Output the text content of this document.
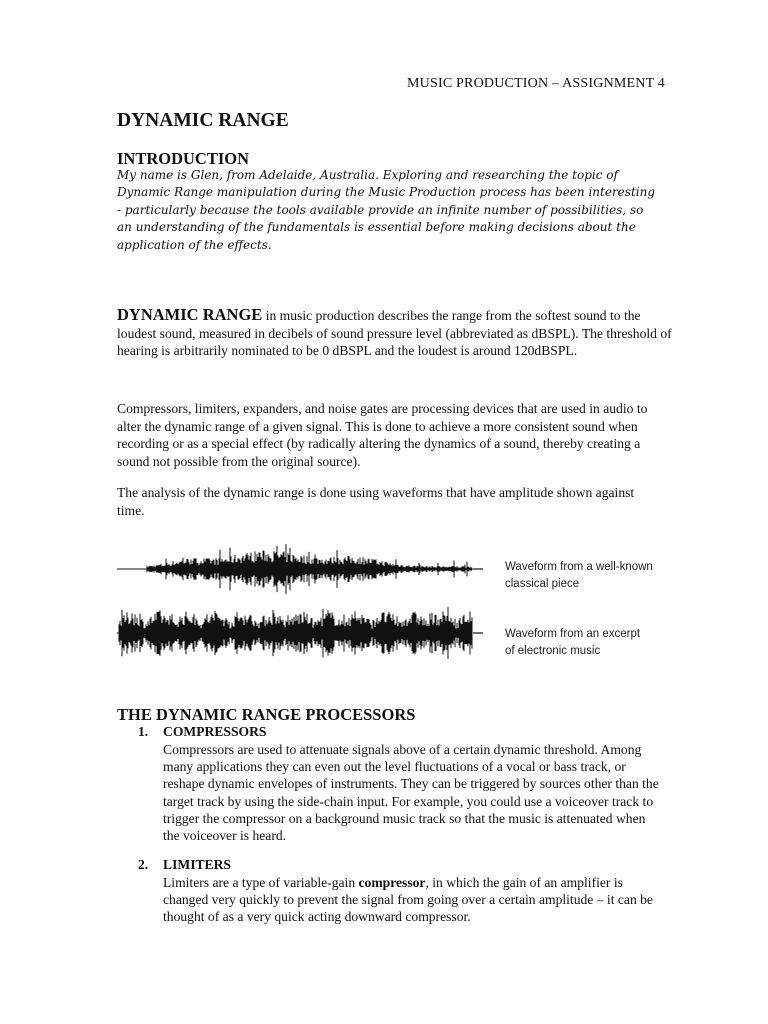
MUSIC PRODUCTION – ASSIGNMENT 4
DYNAMIC RANGE
INTRODUCTION

My name is Glen, from Adelaide, Australia. Exploring and researching the topic of Dynamic Range manipulation during the Music Production process has been interesting - particularly because the tools available provide an infinite number of possibilities, so an understanding of the fundamentals is essential before making decisions about the application of the effects.

DYNAMIC RANGE in music production describes the range from the softest sound to the loudest sound, measured in decibels of sound pressure level (abbreviated as dBSPL). The threshold of hearing is arbitrarily nominated to be 0 dBSPL and the loudest is around 120dBSPL.

Compressors, limiters, expanders, and noise gates are processing devices that are used in audio to alter the dynamic range of a given signal. This is done to achieve a more consistent sound when recording or as a special effect (by radically altering the dynamics of a sound, thereby creating a sound not possible from the original source).

The analysis of the dynamic range is done using waveforms that have amplitude shown against time.

Waveform from a well-known
classical piece
Waveform from an excerpt
of electronic music
THE DYNAMIC RANGE PROCESSORS
1. COMPRESSORS

Compressors are used to attenuate signals above of a certain dynamic threshold. Among many applications they can even out the level fluctuations of a vocal or bass track, or reshape dynamic envelopes of instruments. They can be triggered by sources other than the target track by using the side-chain input. For example, you could use a voiceover track to trigger the compressor on a background music track so that the music is attenuated when the voiceover is heard.

2. LIMITERS

Limiters are a type of variable-gain compressor, in which the gain of an amplifier is changed very quickly to prevent the signal from going over a certain amplitude – it can be thought of as a very quick acting downward compressor.
